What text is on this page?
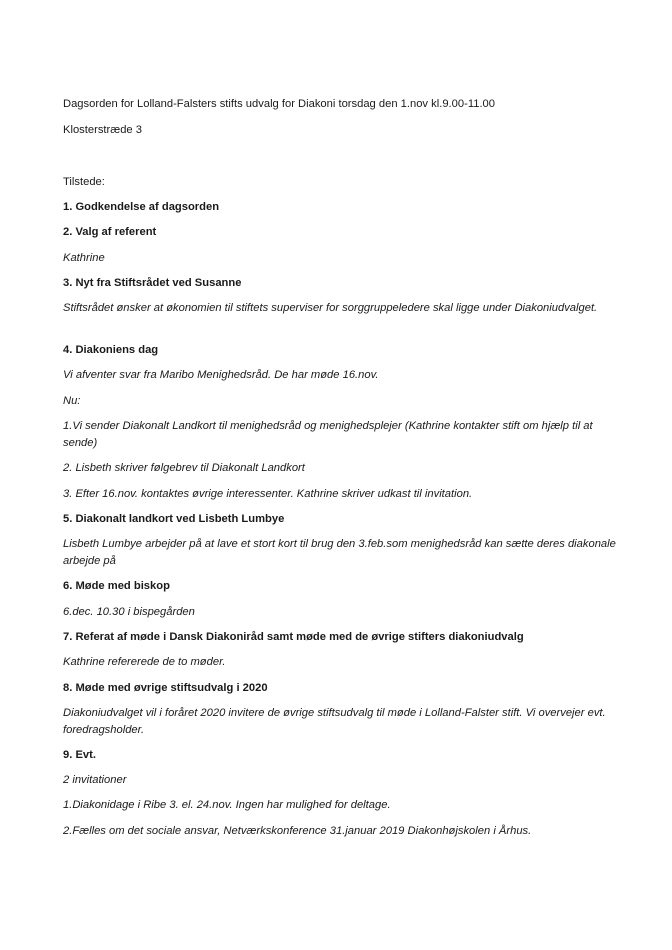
Dagsorden for Lolland-Falsters stifts udvalg for Diakoni torsdag den 1.nov kl.9.00-11.00
Klosterstræde 3
Tilstede:
1. Godkendelse af dagsorden
2. Valg af referent
Kathrine
3. Nyt fra Stiftsrådet ved Susanne
Stiftsrådet ønsker at økonomien til stiftets superviser for sorggruppeledere skal ligge under Diakoniudvalget.
4. Diakoniens dag
Vi afventer svar fra Maribo Menighedsråd. De har møde 16.nov.
Nu:
1.Vi sender Diakonalt Landkort til menighedsråd og menighedsplejer (Kathrine kontakter stift om hjælp til at sende)
2. Lisbeth skriver følgebrev til Diakonalt Landkort
3. Efter 16.nov. kontaktes øvrige interessenter. Kathrine skriver udkast til invitation.
5. Diakonalt landkort ved Lisbeth Lumbye
Lisbeth Lumbye arbejder på at lave et stort kort til brug den 3.feb.som menighedsråd kan sætte deres diakonale arbejde på
6. Møde med biskop
6.dec. 10.30 i bispegården
7. Referat af møde i Dansk Diakoniråd samt møde med de øvrige stifters diakoniudvalg
Kathrine refererede de to møder.
8. Møde med øvrige stiftsudvalg i 2020
Diakoniudvalget vil i foråret 2020 invitere de øvrige stiftsudvalg til møde i Lolland-Falster stift. Vi overvejer evt. foredragsholder.
9. Evt.
2 invitationer
1.Diakonidage i Ribe 3. el. 24.nov. Ingen har mulighed for deltage.
2.Fælles om det sociale ansvar, Netværkskonference 31.januar 2019 Diakonhøjskolen i Århus.
